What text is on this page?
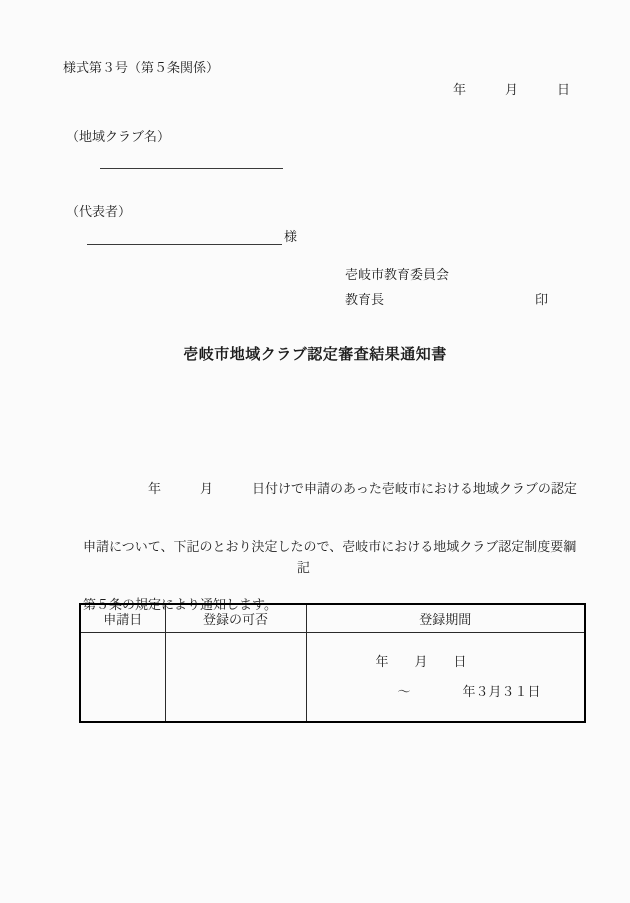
様式第３号（第５条関係）
年　　　月　　　日
（地域クラブ名）
（代表者）
様
壱岐市教育委員会
教育長	印
壱岐市地域クラブ認定審査結果通知書

　　　　　年　　　月　　　日付けで申請のあった壱岐市における地域クラブの認定

申請について、下記のとおり決定したので、壱岐市における地域クラブ認定制度要綱

第５条の規定により通知します。

記
申請日	登録の可否	登録期間

		年　　月　　日
～　　　　年３月３１日
